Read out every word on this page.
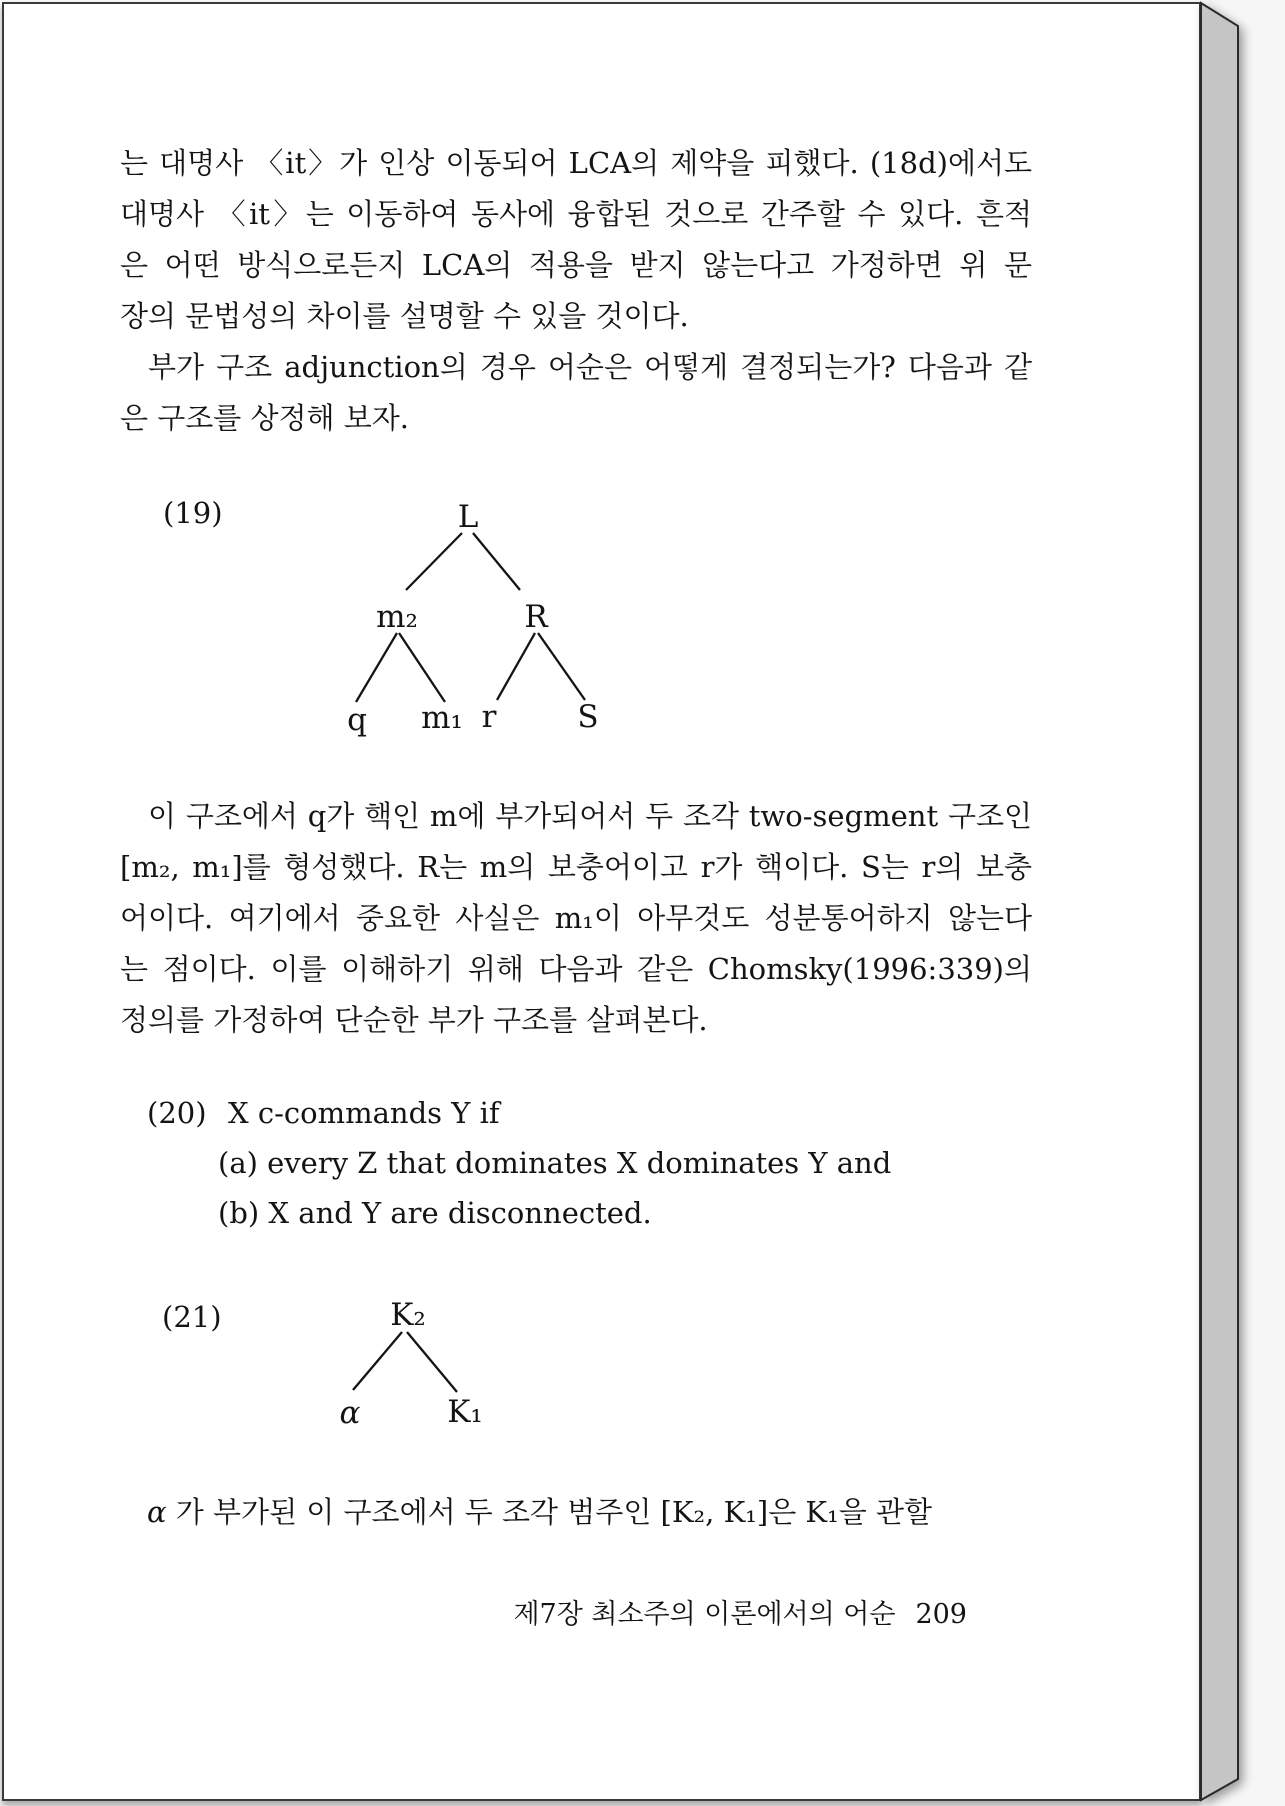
는 대명사 〈it〉가 인상 이동되어 LCA의 제약을 피했다. (18d)에서도
대명사 〈it〉는 이동하여 동사에 융합된 것으로 간주할 수 있다. 흔적
은 어떤 방식으로든지 LCA의 적용을 받지 않는다고 가정하면 위 문
장의 문법성의 차이를 설명할 수 있을 것이다.
부가 구조 adjunction의 경우 어순은 어떻게 결정되는가? 다음과 같
은 구조를 상정해 보자.
(19)	L
m₂	R
q m₁ r	S
이 구조에서 q가 핵인 m에 부가되어서 두 조각 two-segment 구조인
[m₂, m₁]를 형성했다. R는 m의 보충어이고 r가 핵이다. S는 r의 보충
어이다. 여기에서 중요한 사실은 m₁이 아무것도 성분통어하지 않는다
는 점이다. 이를 이해하기 위해 다음과 같은 Chomsky(1996:339)의
정의를 가정하여 단순한 부가 구조를 살펴본다.
(20) X c-commands Y if
(a) every Z that dominates X dominates Y and
(b) X and Y are disconnected.
(21)	K₂
α	K₁
α 가 부가된 이 구조에서 두 조각 범주인 [K₂, K₁]은 K₁을 관할
제7장 최소주의 이론에서의 어순 209
